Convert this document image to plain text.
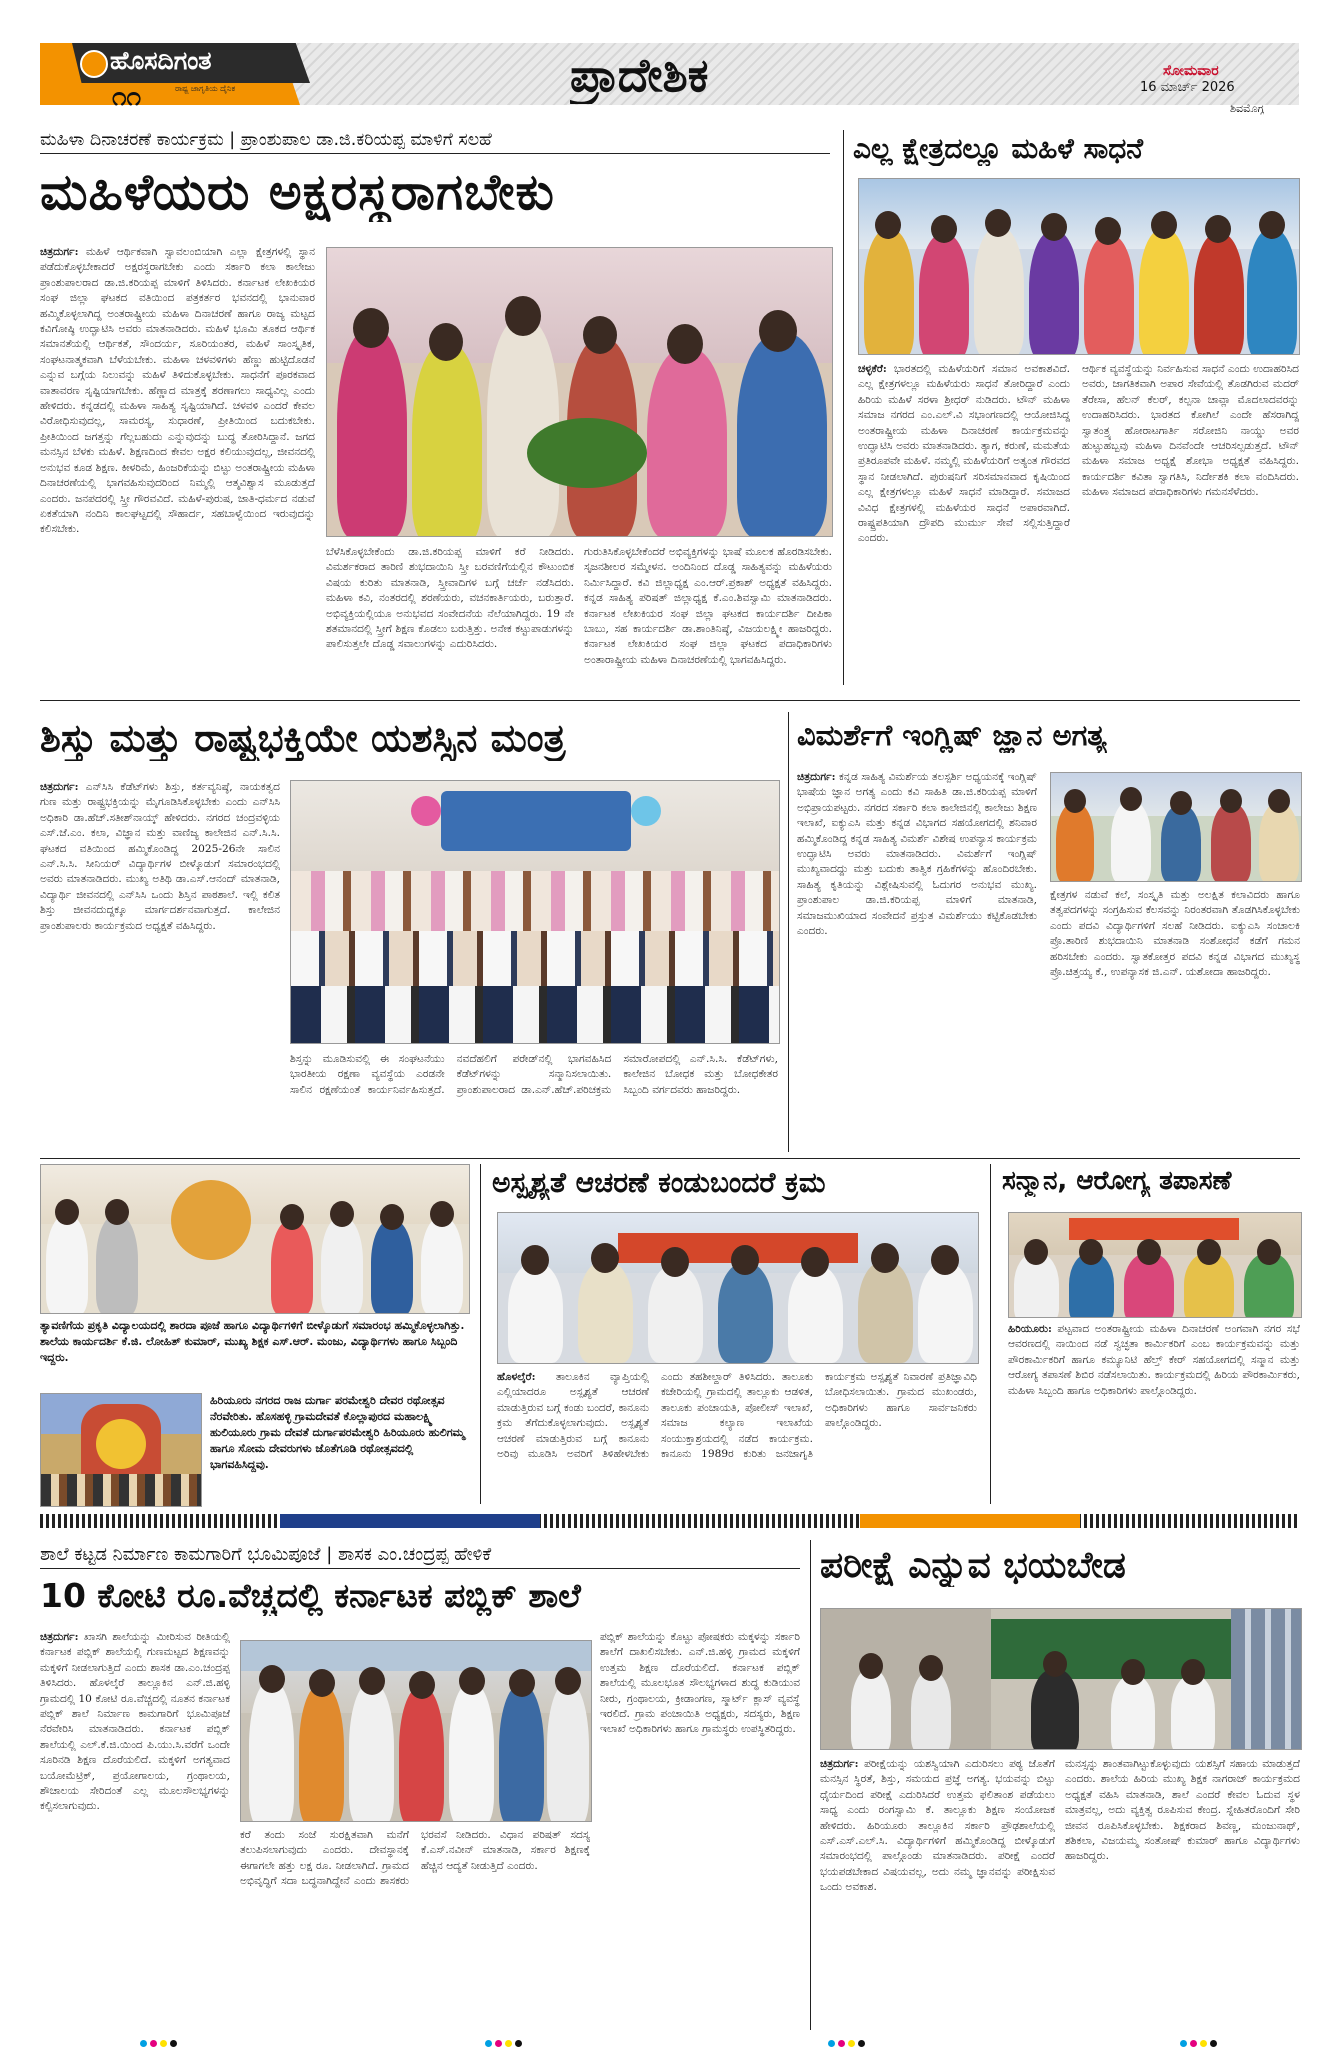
ಹೊಸದಿಗಂತ
ರಾಷ್ಟ್ರ ಜಾಗೃತಿಯ ದೈನಿಕ
೧೧	ಪ್ರಾದೇಶಿಕ	ಸೋಮವಾರ
16 ಮಾರ್ಚ್ 2026
ಶಿವಮೊಗ್ಗ
ಮಹಿಳಾ ದಿನಾಚರಣೆ ಕಾರ್ಯಕ್ರಮ | ಪ್ರಾಂಶುಪಾಲ ಡಾ.ಜಿ.ಕರಿಯಪ್ಪ ಮಾಳಿಗೆ ಸಲಹೆ
ಮಹಿಳೆಯರು ಅಕ್ಷರಸ್ಥರಾಗಬೇಕು

ಚಿತ್ರದುರ್ಗ: ಮಹಿಳೆ ಆರ್ಥಿಕವಾಗಿ ಸ್ವಾವಲಂಬಿಯಾಗಿ ಎಲ್ಲಾ ಕ್ಷೇತ್ರಗಳಲ್ಲಿ ಸ್ಥಾನ ಪಡೆದುಕೊಳ್ಳಬೇಕಾದರೆ ಅಕ್ಷರಸ್ಥರಾಗಬೇಕು ಎಂದು ಸರ್ಕಾರಿ ಕಲಾ ಕಾಲೇಜು ಪ್ರಾಂಶುಪಾಲರಾದ ಡಾ.ಜಿ.ಕರಿಯಪ್ಪ ಮಾಳಿಗೆ ತಿಳಿಸಿದರು. ಕರ್ನಾಟಕ ಲೇಖಕಿಯರ ಸಂಘ ಜಿಲ್ಲಾ ಘಟಕದ ವತಿಯಿಂದ ಪತ್ರಕರ್ತರ ಭವನದಲ್ಲಿ ಭಾನುವಾರ ಹಮ್ಮಿಕೊಳ್ಳಲಾಗಿದ್ದ ಅಂತರಾಷ್ಟ್ರೀಯ ಮಹಿಳಾ ದಿನಾಚರಣೆ ಹಾಗೂ ರಾಜ್ಯ ಮಟ್ಟದ ಕವಿಗೋಷ್ಠಿ ಉದ್ಘಾಟಿಸಿ ಅವರು ಮಾತನಾಡಿದರು. ಮಹಿಳೆ ಭೂಮಿ ತೂಕದ ಆರ್ಥಿಕ ಸಮಾನತೆಯಲ್ಲಿ ಆರ್ಥಿಕತೆ, ಸೌಂದರ್ಯ, ಸೂರಿಯಂತರ, ಮಹಿಳೆ ಸಾಂಸ್ಕೃತಿಕ, ಸಂಘಟನಾತ್ಮಕವಾಗಿ ಬೆಳೆಯಬೇಕು. ಮಹಿಳಾ ಚಳವಳಿಗಳು ಹೆಣ್ಣು ಹುಟ್ಟಿದೊಡನೆ ಎನ್ನುವ ಬಗ್ಗೆಯ ನಿಲುವನ್ನು ಮಹಿಳೆ ತಿಳಿದುಕೊಳ್ಳಬೇಕು. ಸಾಧನೆಗೆ ಪೂರಕವಾದ ವಾತಾವರಣ ಸೃಷ್ಟಿಯಾಗಬೇಕು. ಹೆಣ್ಣಾದ ಮಾತ್ರಕ್ಕೆ ಶರಣಾಗಲು ಸಾಧ್ಯವಿಲ್ಲ ಎಂದು ಹೇಳಿದರು. ಕನ್ನಡದಲ್ಲಿ ಮಹಿಳಾ ಸಾಹಿತ್ಯ ಸೃಷ್ಟಿಯಾಗಿದೆ. ಚಳವಳಿ ಎಂದರೆ ಕೇವಲ ವಿರೋಧಿಸುವುದಲ್ಲ, ಸಾಮರಸ್ಯ, ಸುಧಾರಣೆ, ಪ್ರೀತಿಯಿಂದ ಬದುಕಬೇಕು. ಪ್ರೀತಿಯಿಂದ ಜಗತ್ತನ್ನು ಗೆಲ್ಲಬಹುದು ಎನ್ನುವುದನ್ನು ಬುದ್ಧ ತೋರಿಸಿದ್ದಾನೆ. ಜಗದ ಮನಸ್ಸಿನ ಬೆಳಕು ಮಹಿಳೆ. ಶಿಕ್ಷಣದಿಂದ ಕೇವಲ ಅಕ್ಷರ ಕಲಿಯುವುದಲ್ಲ, ಜೀವನದಲ್ಲಿ ಅನುಭವ ಕೂಡ ಶಿಕ್ಷಣ. ಕೀಳರಿಮೆ, ಹಿಂಜರಿಕೆಯನ್ನು ಬಿಟ್ಟು ಅಂತರಾಷ್ಟ್ರೀಯ ಮಹಿಳಾ ದಿನಾಚರಣೆಯಲ್ಲಿ ಭಾಗವಹಿಸುವುದರಿಂದ ನಿಮ್ಮಲ್ಲಿ ಆತ್ಮವಿಶ್ವಾಸ ಮೂಡುತ್ತದೆ ಎಂದರು. ಜನಪದರಲ್ಲಿ ಸ್ತ್ರೀ ಗೌರವವಿದೆ. ಮಹಿಳೆ-ಪುರುಷ, ಜಾತಿ-ಧರ್ಮದ ನಡುವೆ ಏಕತೆಯಾಗಿ ನಂದಿನಿ ಕಾಲಘಟ್ಟದಲ್ಲಿ ಸೌಹಾರ್ದ, ಸಹಬಾಳ್ವೆಯಿಂದ ಇರುವುದನ್ನು ಕಲಿಸಬೇಕು.

ಬೆಳೆಸಿಕೊಳ್ಳಬೇಕೆಂದು ಡಾ.ಜಿ.ಕರಿಯಪ್ಪ ಮಾಳಿಗೆ ಕರೆ ನೀಡಿದರು. ವಿಮರ್ಶಕರಾದ ತಾರಿಣಿ ಶುಭದಾಯಿನಿ ಸ್ತ್ರೀ ಬರವಣಿಗೆಯಲ್ಲಿನ ಕೌಟುಂಬಿಕ ವಿಷಯ ಕುರಿತು ಮಾತನಾಡಿ, ಸ್ತ್ರೀವಾದಿಗಳ ಬಗ್ಗೆ ಚರ್ಚೆ ನಡೆಸಿದರು. ಮಹಿಳಾ ಕವಿ, ನಂತರದಲ್ಲಿ ಶರಣೆಯರು, ವಚನಕಾರ್ತಿಯರು, ಬರುತ್ತಾರೆ. ಅಭಿವ್ಯಕ್ತಿಯಲ್ಲಿಯೂ ಅನುಭವದ ಸಂವೇದನೆಯ ನೆಲೆಯಾಗಿದ್ದರು. 19 ನೇ ಶತಮಾನದಲ್ಲಿ ಸ್ತ್ರೀಗೆ ಶಿಕ್ಷಣ ಕೊಡಲು ಬರುತ್ತಿತ್ತು. ಅನೇಕ ಕಟ್ಟುಪಾಡುಗಳನ್ನು ಪಾಲಿಸುತ್ತಲೇ ದೊಡ್ಡ ಸವಾಲುಗಳನ್ನು ಎದುರಿಸಿದರು.

ಗುರುತಿಸಿಕೊಳ್ಳಬೇಕೆಂದರೆ ಅಭಿವ್ಯಕ್ತಿಗಳನ್ನು ಭಾಷೆ ಮೂಲಕ ಹೊರಡಿಸಬೇಕು. ಸೃಜನಶೀಲರ ಸಮ್ಮೇಳನ. ಅಂದಿನಿಂದ ದೊಡ್ಡ ಸಾಹಿತ್ಯವನ್ನು ಮಹಿಳೆಯರು ನಿರ್ಮಿಸಿದ್ದಾರೆ. ಕವಿ ಜಿಲ್ಲಾಧ್ಯಕ್ಷ ಎಂ.ಆರ್.ಪ್ರಕಾಶ್ ಅಧ್ಯಕ್ಷತೆ ವಹಿಸಿದ್ದರು. ಕನ್ನಡ ಸಾಹಿತ್ಯ ಪರಿಷತ್ ಜಿಲ್ಲಾಧ್ಯಕ್ಷ ಕೆ.ಎಂ.ಶಿವಸ್ವಾಮಿ ಮಾತನಾಡಿದರು. ಕರ್ನಾಟಕ ಲೇಖಕಿಯರ ಸಂಘ ಜಿಲ್ಲಾ ಘಟಕದ ಕಾರ್ಯದರ್ಶಿ ದೀಪಿಕಾ ಬಾಬು, ಸಹ ಕಾರ್ಯದರ್ಶಿ ಡಾ.ಶಾಂತಿನಿಷ್ಠೆ, ವಿಜಯಲಕ್ಷ್ಮೀ ಹಾಜರಿದ್ದರು. ಕರ್ನಾಟಕ ಲೇಖಕಿಯರ ಸಂಘ ಜಿಲ್ಲಾ ಘಟಕದ ಪದಾಧಿಕಾರಿಗಳು ಅಂತಾರಾಷ್ಟ್ರೀಯ ಮಹಿಳಾ ದಿನಾಚರಣೆಯಲ್ಲಿ ಭಾಗವಹಿಸಿದ್ದರು.

ಎಲ್ಲ ಕ್ಷೇತ್ರದಲ್ಲೂ ಮಹಿಳೆ ಸಾಧನೆ

ಚಳ್ಳಕೆರೆ: ಭಾರತದಲ್ಲಿ ಮಹಿಳೆಯರಿಗೆ ಸಮಾನ ಅವಕಾಶವಿದೆ. ಎಲ್ಲ ಕ್ಷೇತ್ರಗಳಲ್ಲೂ ಮಹಿಳೆಯರು ಸಾಧನೆ ತೋರಿದ್ದಾರೆ ಎಂದು ಹಿರಿಯ ಮಹಿಳೆ ಸರಳಾ ಶ್ರೀಧರ್ ನುಡಿದರು. ಟೌನ್ ಮಹಿಳಾ ಸಮಾಜ ನಗರದ ಎಂ.ಎಲ್.ವಿ ಸಭಾಂಗಣದಲ್ಲಿ ಆಯೋಜಿಸಿದ್ದ ಅಂತರಾಷ್ಟ್ರೀಯ ಮಹಿಳಾ ದಿನಾಚರಣೆ ಕಾರ್ಯಕ್ರಮವನ್ನು ಉದ್ಘಾಟಿಸಿ ಅವರು ಮಾತನಾಡಿದರು. ತ್ಯಾಗ, ಕರುಣೆ, ಮಮತೆಯ ಪ್ರತಿರೂಪವೇ ಮಹಿಳೆ. ನಮ್ಮಲ್ಲಿ ಮಹಿಳೆಯರಿಗೆ ಅತ್ಯಂತ ಗೌರವದ ಸ್ಥಾನ ನೀಡಲಾಗಿದೆ. ಪುರುಷನಿಗೆ ಸರಿಸಮಾನವಾದ ಕೃಷಿಯಿಂದ ಎಲ್ಲ ಕ್ಷೇತ್ರಗಳಲ್ಲೂ ಮಹಿಳೆ ಸಾಧನೆ ಮಾಡಿದ್ದಾರೆ. ಸಮಾಜದ ವಿವಿಧ ಕ್ಷೇತ್ರಗಳಲ್ಲಿ ಮಹಿಳೆಯರ ಸಾಧನೆ ಅಪಾರವಾಗಿದೆ. ರಾಷ್ಟ್ರಪತಿಯಾಗಿ ದ್ರೌಪದಿ ಮುರ್ಮು ಸೇವೆ ಸಲ್ಲಿಸುತ್ತಿದ್ದಾರೆ ಎಂದರು.

ಆರ್ಥಿಕ ವ್ಯವಸ್ಥೆಯನ್ನು ನಿರ್ವಹಿಸುವ ಸಾಧನೆ ಎಂದು ಉದಾಹರಿಸಿದ ಅವರು, ಜಾಗತಿಕವಾಗಿ ಅಪಾರ ಸೇವೆಯಲ್ಲಿ ತೊಡಗಿರುವ ಮದರ್ ತೆರೇಸಾ, ಹೆಲನ್ ಕೆಲರ್, ಕಲ್ಪನಾ ಚಾವ್ಲಾ ಮೊದಲಾದವರನ್ನು ಉದಾಹರಿಸಿದರು. ಭಾರತದ ಕೋಗಿಲೆ ಎಂದೇ ಹೆಸರಾಗಿದ್ದ ಸ್ವಾತಂತ್ರ್ಯ ಹೋರಾಟಗಾರ್ತಿ ಸರೋಜಿನಿ ನಾಯ್ಡು ಅವರ ಹುಟ್ಟುಹಬ್ಬವು ಮಹಿಳಾ ದಿನವೆಂದೇ ಆಚರಿಸಲ್ಪಡುತ್ತದೆ. ಟೌನ್ ಮಹಿಳಾ ಸಮಾಜ ಅಧ್ಯಕ್ಷೆ ಶೋಭಾ ಅಧ್ಯಕ್ಷತೆ ವಹಿಸಿದ್ದರು. ಕಾರ್ಯದರ್ಶಿ ಕವಿತಾ ಸ್ವಾಗತಿಸಿ, ನಿರ್ದೇಶಕಿ ಕಲಾ ವಂದಿಸಿದರು. ಮಹಿಳಾ ಸಮಾಜದ ಪದಾಧಿಕಾರಿಗಳು ಗಮನಸೆಳೆದರು.

ಶಿಸ್ತು ಮತ್ತು ರಾಷ್ಟ್ರಭಕ್ತಿಯೇ ಯಶಸ್ಸಿನ ಮಂತ್ರ

ಚಿತ್ರದುರ್ಗ: ಎನ್‌ಸಿಸಿ ಕೆಡೆಟ್‌ಗಳು ಶಿಸ್ತು, ಕರ್ತವ್ಯನಿಷ್ಠೆ, ನಾಯಕತ್ವದ ಗುಣ ಮತ್ತು ರಾಷ್ಟ್ರಭಕ್ತಿಯನ್ನು ಮೈಗೂಡಿಸಿಕೊಳ್ಳಬೇಕು ಎಂದು ಎನ್‌ಸಿಸಿ ಅಧಿಕಾರಿ ಡಾ.ಹೆಚ್.ಸತೀಶ್‌ನಾಯ್ಕ್ ಹೇಳಿದರು. ನಗರದ ಚಂದ್ರವಳ್ಳಿಯ ಎಸ್.ಜೆ.ಎಂ. ಕಲಾ, ವಿಜ್ಞಾನ ಮತ್ತು ವಾಣಿಜ್ಯ ಕಾಲೇಜಿನ ಎನ್.ಸಿ.ಸಿ. ಘಟಕದ ವತಿಯಿಂದ ಹಮ್ಮಿಕೊಂಡಿದ್ದ 2025-26ನೇ ಸಾಲಿನ ಎನ್.ಸಿ.ಸಿ. ಸೀನಿಯರ್ ವಿದ್ಯಾರ್ಥಿಗಳ ಬೀಳ್ಕೊಡುಗೆ ಸಮಾರಂಭದಲ್ಲಿ ಅವರು ಮಾತನಾಡಿದರು. ಮುಖ್ಯ ಅತಿಥಿ ಡಾ.ಎಸ್.ಆನಂದ್ ಮಾತನಾಡಿ, ವಿದ್ಯಾರ್ಥಿ ಜೀವನದಲ್ಲಿ ಎನ್‌ಸಿಸಿ ಒಂದು ಶಿಸ್ತಿನ ಪಾಠಶಾಲೆ. ಇಲ್ಲಿ ಕಲಿತ ಶಿಸ್ತು ಜೀವನದುದ್ದಕ್ಕೂ ಮಾರ್ಗದರ್ಶನವಾಗುತ್ತದೆ. ಕಾಲೇಜಿನ ಪ್ರಾಂಶುಪಾಲರು ಕಾರ್ಯಕ್ರಮದ ಅಧ್ಯಕ್ಷತೆ ವಹಿಸಿದ್ದರು.

ಶಿಸ್ತನ್ನು ಮೂಡಿಸುವಲ್ಲಿ ಈ ಸಂಘಟನೆಯು ಭಾರತೀಯ ರಕ್ಷಣಾ ವ್ಯವಸ್ಥೆಯ ಎರಡನೇ ಸಾಲಿನ ರಕ್ಷಣೆಯಂತೆ ಕಾರ್ಯನಿರ್ವಹಿಸುತ್ತದೆ. ನವದೆಹಲಿಗೆ ಪರೇಡ್‌ನಲ್ಲಿ ಭಾಗವಹಿಸಿದ ಕೆಡೆಟ್‌ಗಳನ್ನು ಸನ್ಮಾನಿಸಲಾಯಿತು. ಪ್ರಾಂಶುಪಾಲರಾದ ಡಾ.ಎನ್.ಹೆಚ್.ಪರಿಚಕ್ರಮ ಸಮಾರೋಪದಲ್ಲಿ ಎನ್.ಸಿ.ಸಿ. ಕೆಡೆಟ್‌ಗಳು, ಕಾಲೇಜಿನ ಬೋಧಕ ಮತ್ತು ಬೋಧಕೇತರ ಸಿಬ್ಬಂದಿ ವರ್ಗದವರು ಹಾಜರಿದ್ದರು.

ವಿಮರ್ಶೆಗೆ ಇಂಗ್ಲಿಷ್ ಜ್ಞಾನ ಅಗತ್ಯ

ಚಿತ್ರದುರ್ಗ: ಕನ್ನಡ ಸಾಹಿತ್ಯ ವಿಮರ್ಶೆಯ ತಲಸ್ಪರ್ಶಿ ಅಧ್ಯಯನಕ್ಕೆ ಇಂಗ್ಲಿಷ್ ಭಾಷೆಯ ಜ್ಞಾನ ಅಗತ್ಯ ಎಂದು ಕವಿ ಸಾಹಿತಿ ಡಾ.ಜಿ.ಕರಿಯಪ್ಪ ಮಾಳಿಗೆ ಅಭಿಪ್ರಾಯಪಟ್ಟರು. ನಗರದ ಸರ್ಕಾರಿ ಕಲಾ ಕಾಲೇಜಿನಲ್ಲಿ ಕಾಲೇಜು ಶಿಕ್ಷಣ ಇಲಾಖೆ, ಐಕ್ಯುಎಸಿ ಮತ್ತು ಕನ್ನಡ ವಿಭಾಗದ ಸಹಯೋಗದಲ್ಲಿ ಶನಿವಾರ ಹಮ್ಮಿಕೊಂಡಿದ್ದ ಕನ್ನಡ ಸಾಹಿತ್ಯ ವಿಮರ್ಶೆ ವಿಶೇಷ ಉಪನ್ಯಾಸ ಕಾರ್ಯಕ್ರಮ ಉದ್ಘಾಟಿಸಿ ಅವರು ಮಾತನಾಡಿದರು. ವಿಮರ್ಶೆಗೆ ಇಂಗ್ಲಿಷ್ ಮುಖ್ಯವಾದದ್ದು ಮತ್ತು ಬದುಕು ತಾತ್ವಿಕ ಗ್ರಹಿಕೆಗಳನ್ನು ಹೊಂದಿರಬೇಕು. ಸಾಹಿತ್ಯ ಕೃತಿಯನ್ನು ವಿಶ್ಲೇಷಿಸುವಲ್ಲಿ ಓದುಗರ ಅನುಭವ ಮುಖ್ಯ. ಪ್ರಾಂಶುಪಾಲ ಡಾ.ಜಿ.ಕರಿಯಪ್ಪ ಮಾಳಿಗೆ ಮಾತನಾಡಿ, ಸಮಾಜಮುಖಿಯಾದ ಸಂವೇದನೆ ಪ್ರಸ್ತುತ ವಿಮರ್ಶೆಯು ಕಟ್ಟಿಕೊಡಬೇಕು ಎಂದರು.

ಕ್ಷೇತ್ರಗಳ ನಡುವೆ ಕಲೆ, ಸಂಸ್ಕೃತಿ ಮತ್ತು ಅಲಕ್ಷಿತ ಕಲಾವಿದರು ಹಾಗೂ ತತ್ವಪದಗಳನ್ನು ಸಂಗ್ರಹಿಸುವ ಕೆಲಸವನ್ನು ನಿರಂತರವಾಗಿ ತೊಡಗಿಸಿಕೊಳ್ಳಬೇಕು ಎಂದು ಪದವಿ ವಿದ್ಯಾರ್ಥಿಗಳಿಗೆ ಸಲಹೆ ನೀಡಿದರು. ಐಕ್ಯುಎಸಿ ಸಂಚಾಲಕಿ ಪ್ರೊ.ತಾರಿಣಿ ಶುಭದಾಯಿನಿ ಮಾತನಾಡಿ ಸಂಶೋಧನೆ ಕಡೆಗೆ ಗಮನ ಹರಿಸಬೇಕು ಎಂದರು. ಸ್ವಾತಕೋತ್ತರ ಪದವಿ ಕನ್ನಡ ವಿಭಾಗದ ಮುಖ್ಯಸ್ಥ ಪ್ರೊ.ಚಿತ್ತಯ್ಯ ಕೆ., ಉಪನ್ಯಾಸಕ ಜಿ.ಎನ್. ಯಶೋದಾ ಹಾಜರಿದ್ದರು.

ತ್ಯಾವಣಿಗೆಯ ಪ್ರಕೃತಿ ವಿದ್ಯಾಲಯದಲ್ಲಿ ಶಾರದಾ ಪೂಜೆ ಹಾಗೂ ವಿದ್ಯಾರ್ಥಿಗಳಿಗೆ ಬೀಳ್ಕೊಡುಗೆ ಸಮಾರಂಭ ಹಮ್ಮಿಕೊಳ್ಳಲಾಗಿತ್ತು. ಶಾಲೆಯ ಕಾರ್ಯದರ್ಶಿ ಕೆ.ಜಿ. ಲೋಹಿತ್ ಕುಮಾರ್, ಮುಖ್ಯ ಶಿಕ್ಷಕ ಎಸ್.ಆರ್. ಮಂಜು, ವಿದ್ಯಾರ್ಥಿಗಳು ಹಾಗೂ ಸಿಬ್ಬಂದಿ ಇದ್ದರು.
ಹಿರಿಯೂರು ನಗರದ ರಾಜ ದುರ್ಗಾ ಪರಮೇಶ್ವರಿ ದೇವರ ರಥೋತ್ಸವ ನೆರವೇರಿತು. ಹೊಸಹಳ್ಳಿ ಗ್ರಾಮದೇವತೆ ಕೊಲ್ಲಾಪುರದ ಮಹಾಲಕ್ಷ್ಮಿ ಹುಲಿಯೂರು ಗ್ರಾಮ ದೇವತೆ ದುರ್ಗಾಪರಮೇಶ್ವರಿ ಹಿರಿಯೂರು ಹುಲಿಗಮ್ಮ ಹಾಗೂ ಸೋಮ ದೇವರುಗಳು ಜೊತೆಗೂಡಿ ರಥೋತ್ಸವದಲ್ಲಿ ಭಾಗವಹಿಸಿದ್ದವು.
ಅಸ್ಪೃಶ್ಯತೆ ಆಚರಣೆ ಕಂಡುಬಂದರೆ ಕ್ರಮ

ಹೊಳಲ್ಕೆರೆ: ತಾಲೂಕಿನ ವ್ಯಾಪ್ತಿಯಲ್ಲಿ ಎಲ್ಲಿಯಾದರೂ ಅಸ್ಪೃಶ್ಯತೆ ಆಚರಣೆ ಮಾಡುತ್ತಿರುವ ಬಗ್ಗೆ ಕಂಡು ಬಂದರೆ, ಕಾನೂನು ಕ್ರಮ ತೆಗೆದುಕೊಳ್ಳಲಾಗುವುದು. ಅಸ್ಪೃಶ್ಯತೆ ಆಚರಣೆ ಮಾಡುತ್ತಿರುವ ಬಗ್ಗೆ ಕಾನೂನು ಅರಿವು ಮೂಡಿಸಿ ಅವರಿಗೆ ತಿಳಿಹೇಳಬೇಕು ಎಂದು ತಹಶೀಲ್ದಾರ್ ತಿಳಿಸಿದರು. ತಾಲೂಕು ಕಚೇರಿಯಲ್ಲಿ ಗ್ರಾಮದಲ್ಲಿ ತಾಲ್ಲೂಕು ಆಡಳಿತ, ತಾಲೂಕು ಪಂಚಾಯತಿ, ಪೋಲೀಸ್ ಇಲಾಖೆ, ಸಮಾಜ ಕಲ್ಯಾಣ ಇಲಾಖೆಯ ಸಂಯುಕ್ತಾಶ್ರಯದಲ್ಲಿ ನಡೆದ ಕಾರ್ಯಕ್ರಮ. ಕಾನೂನು 1989ರ ಕುರಿತು ಜನಜಾಗೃತಿ ಕಾರ್ಯಕ್ರಮ ಅಸ್ಪೃಶ್ಯತೆ ನಿವಾರಣೆ ಪ್ರತಿಜ್ಞಾವಿಧಿ ಬೋಧಿಸಲಾಯಿತು. ಗ್ರಾಮದ ಮುಖಂಡರು, ಅಧಿಕಾರಿಗಳು ಹಾಗೂ ಸಾರ್ವಜನಿಕರು ಪಾಲ್ಗೊಂಡಿದ್ದರು.

ಸನ್ಮಾನ, ಆರೋಗ್ಯ ತಪಾಸಣೆ

ಹಿರಿಯೂರು: ಪಟ್ಟವಾದ ಅಂತರಾಷ್ಟ್ರೀಯ ಮಹಿಳಾ ದಿನಾಚರಣೆ ಅಂಗವಾಗಿ ನಗರ ಸಭೆ ಆವರಣದಲ್ಲಿ ನಾಯಿಂದ ನಡೆ ಸ್ವಚ್ಛತಾ ಕಾರ್ಮಿಕರಿಗೆ ಎಂಬ ಕಾರ್ಯಕ್ರಮವನ್ನು ಮತ್ತು ಪೌರಕಾರ್ಮಿಕರಿಗೆ ಹಾಗೂ ಕಮ್ಯೂನಿಟಿ ಹೆಲ್ತ್ ಕೇರ್ ಸಹಯೋಗದಲ್ಲಿ ಸನ್ಮಾನ ಮತ್ತು ಆರೋಗ್ಯ ತಪಾಸಣೆ ಶಿಬಿರ ನಡೆಸಲಾಯಿತು. ಕಾರ್ಯಕ್ರಮದಲ್ಲಿ ಹಿರಿಯ ಪೌರಕಾರ್ಮಿಕರು, ಮಹಿಳಾ ಸಿಬ್ಬಂದಿ ಹಾಗೂ ಅಧಿಕಾರಿಗಳು ಪಾಲ್ಗೊಂಡಿದ್ದರು.

ಶಾಲೆ ಕಟ್ಟಡ ನಿರ್ಮಾಣ ಕಾಮಗಾರಿಗೆ ಭೂಮಿಪೂಜೆ | ಶಾಸಕ ಎಂ.ಚಂದ್ರಪ್ಪ ಹೇಳಿಕೆ
10 ಕೋಟಿ ರೂ.ವೆಚ್ಚದಲ್ಲಿ ಕರ್ನಾಟಕ ಪಬ್ಲಿಕ್ ಶಾಲೆ

ಚಿತ್ರದುರ್ಗ: ಖಾಸಗಿ ಶಾಲೆಯನ್ನು ಮೀರಿಸುವ ರೀತಿಯಲ್ಲಿ ಕರ್ನಾಟಕ ಪಬ್ಲಿಕ್ ಶಾಲೆಯಲ್ಲಿ ಗುಣಮಟ್ಟದ ಶಿಕ್ಷಣವನ್ನು ಮಕ್ಕಳಿಗೆ ನೀಡಲಾಗುತ್ತಿದೆ ಎಂದು ಶಾಸಕ ಡಾ.ಎಂ.ಚಂದ್ರಪ್ಪ ತಿಳಿಸಿದರು. ಹೊಳಲ್ಕೆರೆ ತಾಲ್ಲೂಕಿನ ಎನ್.ಜಿ.ಹಳ್ಳಿ ಗ್ರಾಮದಲ್ಲಿ 10 ಕೋಟಿ ರೂ.ವೆಚ್ಚದಲ್ಲಿ ನೂತನ ಕರ್ನಾಟಕ ಪಬ್ಲಿಕ್ ಶಾಲೆ ನಿರ್ಮಾಣ ಕಾಮಗಾರಿಗೆ ಭೂಮಿಪೂಜೆ ನೆರವೇರಿಸಿ ಮಾತನಾಡಿದರು. ಕರ್ನಾಟಕ ಪಬ್ಲಿಕ್ ಶಾಲೆಯಲ್ಲಿ ಎಲ್.ಕೆ.ಜಿ.ಯಿಂದ ಪಿ.ಯು.ಸಿ.ವರೆಗೆ ಒಂದೇ ಸೂರಿನಡಿ ಶಿಕ್ಷಣ ದೊರೆಯಲಿದೆ. ಮಕ್ಕಳಿಗೆ ಅಗತ್ಯವಾದ ಬಯೋಮೆಟ್ರಿಕ್, ಪ್ರಯೋಗಾಲಯ, ಗ್ರಂಥಾಲಯ, ಶೌಚಾಲಯ ಸೇರಿದಂತೆ ಎಲ್ಲ ಮೂಲಸೌಲಭ್ಯಗಳನ್ನು ಕಲ್ಪಿಸಲಾಗುವುದು.

ಪಬ್ಲಿಕ್ ಶಾಲೆಯನ್ನು ಕೊಟ್ಟು ಪೋಷಕರು ಮಕ್ಕಳನ್ನು ಸರ್ಕಾರಿ ಶಾಲೆಗೆ ದಾಖಲಿಸಬೇಕು. ಎನ್.ಜಿ.ಹಳ್ಳಿ ಗ್ರಾಮದ ಮಕ್ಕಳಿಗೆ ಉತ್ತಮ ಶಿಕ್ಷಣ ದೊರೆಯಲಿದೆ. ಕರ್ನಾಟಕ ಪಬ್ಲಿಕ್ ಶಾಲೆಯಲ್ಲಿ ಮೂಲಭೂತ ಸೌಲಭ್ಯಗಳಾದ ಶುದ್ಧ ಕುಡಿಯುವ ನೀರು, ಗ್ರಂಥಾಲಯ, ಕ್ರೀಡಾಂಗಣ, ಸ್ಮಾರ್ಟ್ ಕ್ಲಾಸ್ ವ್ಯವಸ್ಥೆ ಇರಲಿದೆ. ಗ್ರಾಮ ಪಂಚಾಯಿತಿ ಅಧ್ಯಕ್ಷರು, ಸದಸ್ಯರು, ಶಿಕ್ಷಣ ಇಲಾಖೆ ಅಧಿಕಾರಿಗಳು ಹಾಗೂ ಗ್ರಾಮಸ್ಥರು ಉಪಸ್ಥಿತರಿದ್ದರು.

ಕರೆ ತಂದು ಸಂಜೆ ಸುರಕ್ಷಿತವಾಗಿ ಮನೆಗೆ ತಲುಪಿಸಲಾಗುವುದು ಎಂದರು. ದೇವಸ್ಥಾನಕ್ಕೆ ಈಗಾಗಲೇ ಹತ್ತು ಲಕ್ಷ ರೂ. ನೀಡಲಾಗಿದೆ. ಗ್ರಾಮದ ಅಭಿವೃದ್ಧಿಗೆ ಸದಾ ಬದ್ಧನಾಗಿದ್ದೇನೆ ಎಂದು ಶಾಸಕರು ಭರವಸೆ ನೀಡಿದರು. ವಿಧಾನ ಪರಿಷತ್ ಸದಸ್ಯ ಕೆ.ಎಸ್.ನವೀನ್ ಮಾತನಾಡಿ, ಸರ್ಕಾರ ಶಿಕ್ಷಣಕ್ಕೆ ಹೆಚ್ಚಿನ ಆದ್ಯತೆ ನೀಡುತ್ತಿದೆ ಎಂದರು.

ಪರೀಕ್ಷೆ ಎನ್ನುವ ಭಯಬೇಡ

ಚಿತ್ರದುರ್ಗ: ಪರೀಕ್ಷೆಯನ್ನು ಯಶಸ್ವಿಯಾಗಿ ಎದುರಿಸಲು ಪಠ್ಯ ಜೊತೆಗೆ ಮನಸ್ಸಿನ ಸ್ಥಿರತೆ, ಶಿಸ್ತು, ಸಮಯದ ಪ್ರಜ್ಞೆ ಅಗತ್ಯ. ಭಯವನ್ನು ಬಿಟ್ಟು ಧೈರ್ಯದಿಂದ ಪರೀಕ್ಷೆ ಎದುರಿಸಿದರೆ ಉತ್ತಮ ಫಲಿತಾಂಶ ಪಡೆಯಲು ಸಾಧ್ಯ ಎಂದು ರಂಗಸ್ವಾಮಿ ಕೆ. ತಾಲ್ಲೂಕು ಶಿಕ್ಷಣ ಸಂಯೋಜಕ ಹೇಳಿದರು. ಹಿರಿಯೂರು ತಾಲ್ಲೂಕಿನ ಸರ್ಕಾರಿ ಪ್ರೌಢಶಾಲೆಯಲ್ಲಿ ಎಸ್.ಎಸ್.ಎಲ್.ಸಿ. ವಿದ್ಯಾರ್ಥಿಗಳಿಗೆ ಹಮ್ಮಿಕೊಂಡಿದ್ದ ಬೀಳ್ಕೊಡುಗೆ ಸಮಾರಂಭದಲ್ಲಿ ಪಾಲ್ಗೊಂಡು ಮಾತನಾಡಿದರು. ಪರೀಕ್ಷೆ ಎಂದರೆ ಭಯಪಡಬೇಕಾದ ವಿಷಯವಲ್ಲ, ಅದು ನಮ್ಮ ಜ್ಞಾನವನ್ನು ಪರೀಕ್ಷಿಸುವ ಒಂದು ಅವಕಾಶ.

ಮನಸ್ಸನ್ನು ಶಾಂತವಾಗಿಟ್ಟುಕೊಳ್ಳುವುದು ಯಶಸ್ಸಿಗೆ ಸಹಾಯ ಮಾಡುತ್ತದೆ ಎಂದರು. ಶಾಲೆಯ ಹಿರಿಯ ಮುಖ್ಯ ಶಿಕ್ಷಕ ನಾಗರಾಜ್ ಕಾರ್ಯಕ್ರಮದ ಅಧ್ಯಕ್ಷತೆ ವಹಿಸಿ ಮಾತನಾಡಿ, ಶಾಲೆ ಎಂದರೆ ಕೇವಲ ಓದುವ ಸ್ಥಳ ಮಾತ್ರವಲ್ಲ, ಅದು ವ್ಯಕ್ತಿತ್ವ ರೂಪಿಸುವ ಕೇಂದ್ರ. ಸ್ನೇಹಿತರೊಂದಿಗೆ ಸೇರಿ ಜೀವನ ರೂಪಿಸಿಕೊಳ್ಳಬೇಕು. ಶಿಕ್ಷಕರಾದ ಶಿವಣ್ಣ, ಮಂಜುನಾಥ್, ಶಶಿಕಲಾ, ವಿಜಯಮ್ಮ ಸಂತೋಷ್ ಕುಮಾರ್ ಹಾಗೂ ವಿದ್ಯಾರ್ಥಿಗಳು ಹಾಜರಿದ್ದರು.
